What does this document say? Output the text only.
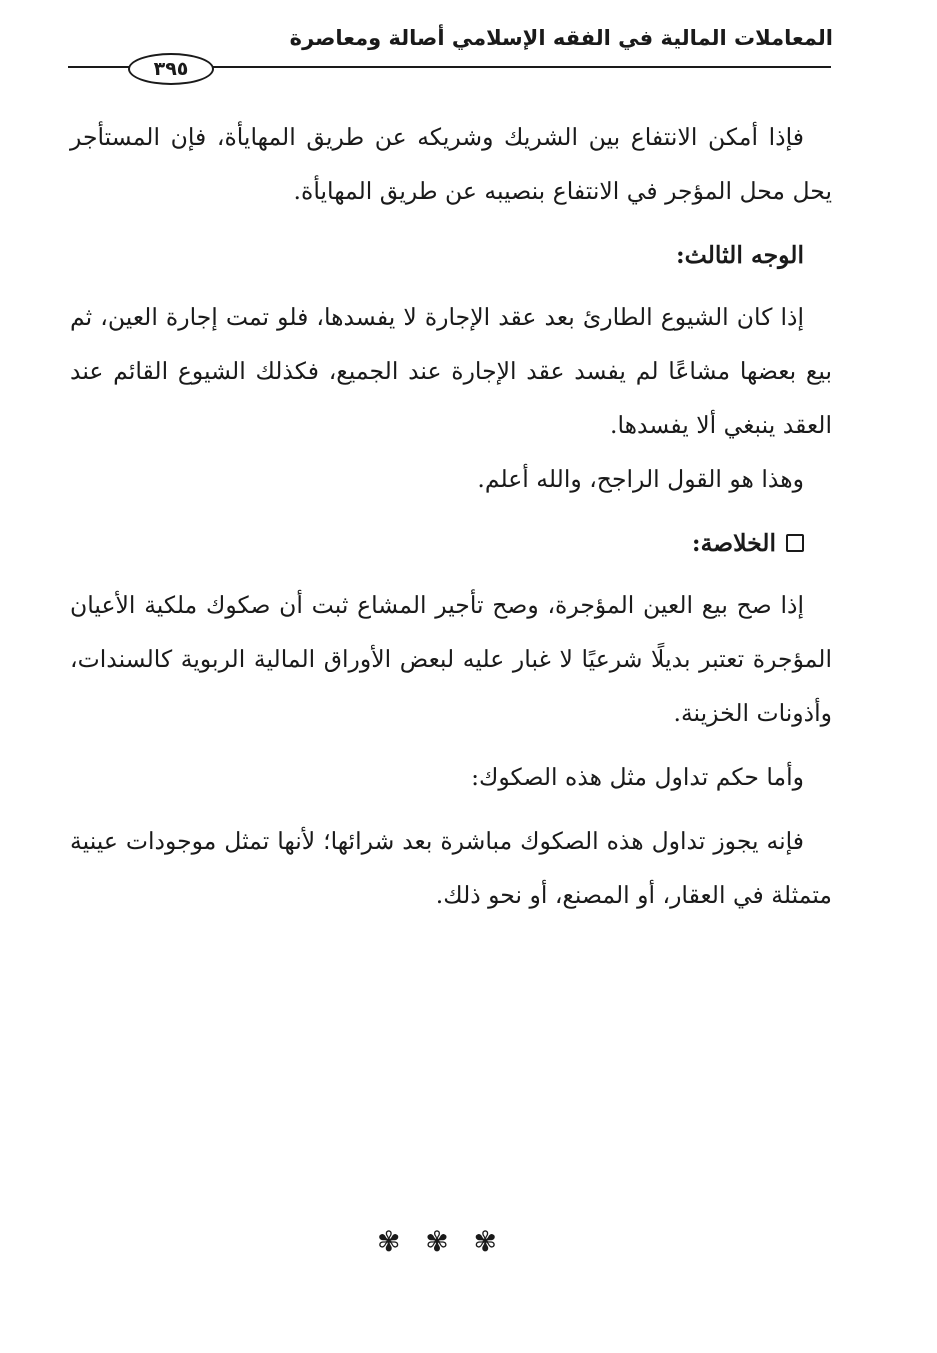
المعاملات المالية في الفقه الإسلامي أصالة ومعاصرة
٣٩٥

فإذا أمكن الانتفاع بين الشريك وشريكه عن طريق المهايأة، فإن المستأجر يحل محل المؤجر في الانتفاع بنصيبه عن طريق المهايأة.

الوجه الثالث:

إذا كان الشيوع الطارئ بعد عقد الإجارة لا يفسدها، فلو تمت إجارة العين، ثم بيع بعضها مشاعًا لم يفسد عقد الإجارة عند الجميع، فكذلك الشيوع القائم عند العقد ينبغي ألا يفسدها.

وهذا هو القول الراجح، والله أعلم.

الخلاصة:

إذا صح بيع العين المؤجرة، وصح تأجير المشاع ثبت أن صكوك ملكية الأعيان المؤجرة تعتبر بديلًا شرعيًا لا غبار عليه لبعض الأوراق المالية الربوية كالسندات، وأذونات الخزينة.

وأما حكم تداول مثل هذه الصكوك:

فإنه يجوز تداول هذه الصكوك مباشرة بعد شرائها؛ لأنها تمثل موجودات عينية متمثلة في العقار، أو المصنع، أو نحو ذلك.

✾ ✾ ✾
